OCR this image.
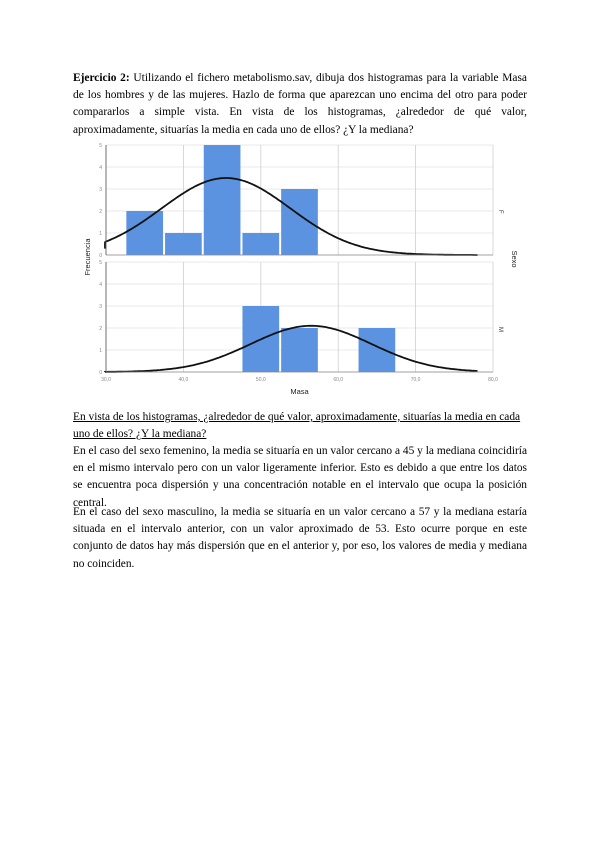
Ejercicio 2: Utilizando el fichero metabolismo.sav, dibuja dos histogramas para la variable Masa de los hombres y de las mujeres. Hazlo de forma que aparezcan uno encima del otro para poder compararlos a simple vista. En vista de los histogramas, ¿alrededor de qué valor, aproximadamente, situarías la media en cada uno de ellos? ¿Y la mediana?
0
1
2
3
4
5
F
0
1
2
3
4
5
M
30,0	40,0	50,0	60,0	70,0	80,0
Masa
Frecuencia	Sexo
En vista de los histogramas, ¿alrededor de qué valor, aproximadamente, situarías la media en cada uno de ellos? ¿Y la mediana?
En el caso del sexo femenino, la media se situaría en un valor cercano a 45 y la mediana coincidiría en el mismo intervalo pero con un valor ligeramente inferior. Esto es debido a que entre los datos se encuentra poca dispersión y una concentración notable en el intervalo que ocupa la posición central.
En el caso del sexo masculino, la media se situaría en un valor cercano a 57 y la mediana estaría situada en el intervalo anterior, con un valor aproximado de 53. Esto ocurre porque en este conjunto de datos hay más dispersión que en el anterior y, por eso, los valores de media y mediana no coinciden.
